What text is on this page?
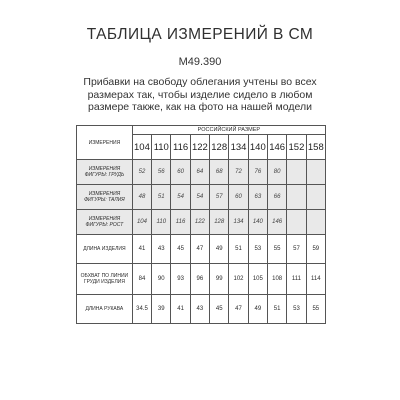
ТАБЛИЦА ИЗМЕРЕНИЙ В СМ
М49.390
Прибавки на свободу облегания учтены во всех размерах так, чтобы изделие сидело в любом размере также, как на фото на нашей модели
ИЗМЕРЕНИЯ	РОССИЙСКИЙ РАЗМЕР									
	104	110	116	122	128	134	140	146	152	158
ИЗМЕРЕНИЯ ФИГУРЫ: ГРУДЬ	52	56	60	64	68	72	76	80		
ИЗМЕРЕНИЯ ФИГУРЫ: ТАЛИЯ	48	51	54	54	57	60	63	66		
ИЗМЕРЕНИЯ ФИГУРЫ: РОСТ	104	110	116	122	128	134	140	146		
ДЛИНА ИЗДЕЛИЯ	41	43	45	47	49	51	53	55	57	59
ОБХВАТ ПО ЛИНИИ ГРУДИ ИЗДЕЛИЯ	84	90	93	96	99	102	105	108	111	114
ДЛИНА РУКАВА	34.5	39	41	43	45	47	49	51	53	55
